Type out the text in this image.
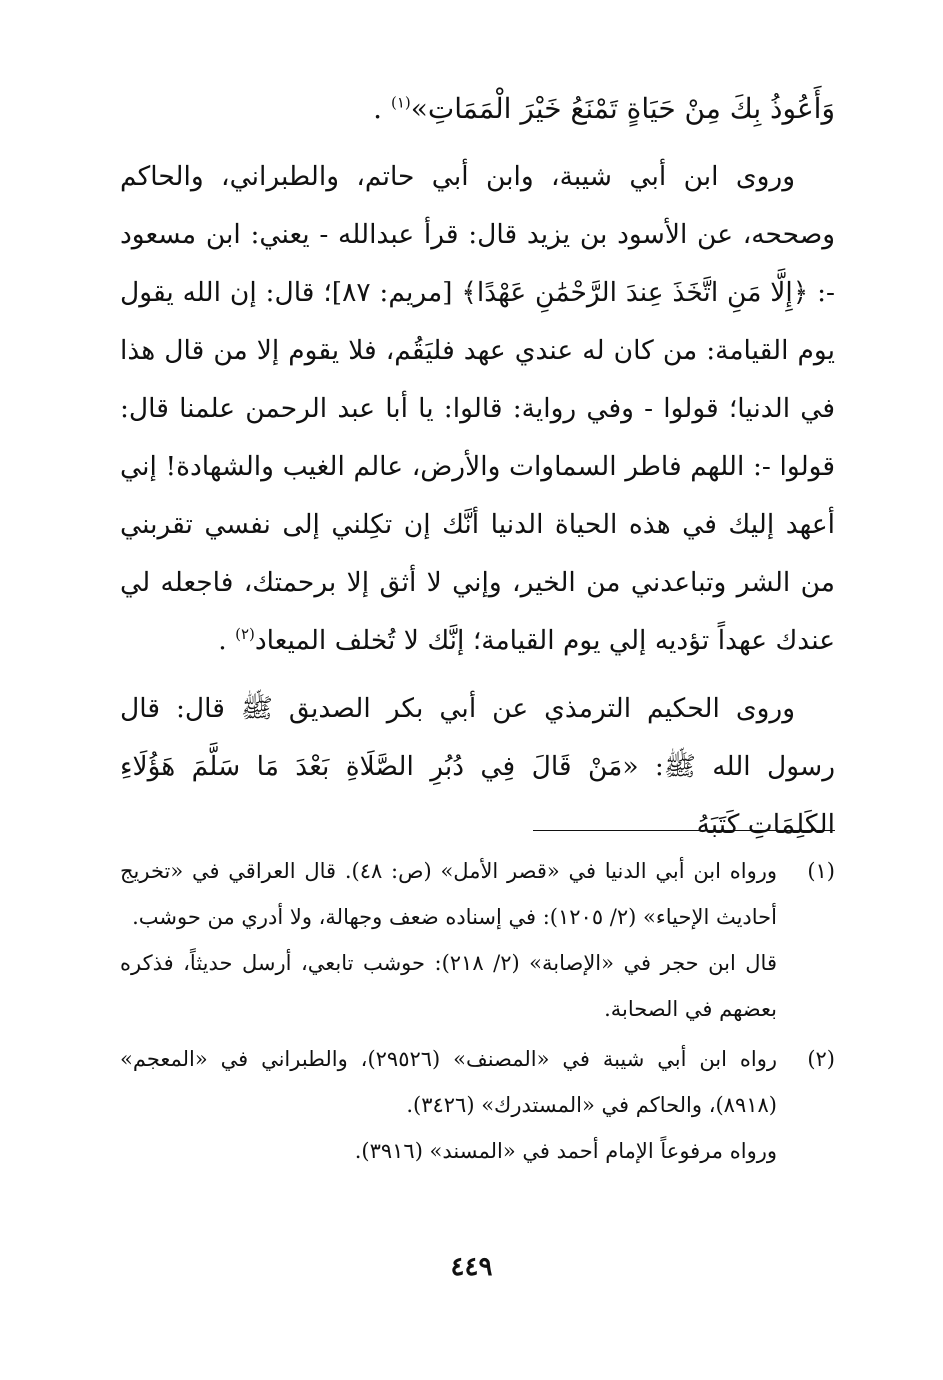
وَأَعُوذُ بِكَ مِنْ حَيَاةٍ تَمْنَعُ خَيْرَ الْمَمَاتِ»$^{(١)}$ .

وروى ابن أبي شيبة، وابن أبي حاتم، والطبراني، والحاكم وصححه، عن الأسود بن يزيد قال: قرأ عبدالله - يعني: ابن مسعود -: ﴿إِلَّا مَنِ اتَّخَذَ عِندَ الرَّحْمَٰنِ عَهْدًا﴾ [مريم: ٨٧]؛ قال: إن الله يقول يوم القيامة: من كان له عندي عهد فليَقُم، فلا يقوم إلا من قال هذا في الدنيا؛ قولوا - وفي رواية: قالوا: يا أبا عبد الرحمن علمنا قال: قولوا -: اللهم فاطر السماوات والأرض، عالم الغيب والشهادة! إني أعهد إليك في هذه الحياة الدنيا أنَّك إن تكِلني إلى نفسي تقربني من الشر وتباعدني من الخير، وإني لا أثق إلا برحمتك، فاجعله لي عندك عهداً تؤديه إلي يوم القيامة؛ إنَّك لا تُخلف الميعاد$^{(٢)}$ .

وروى الحكيم الترمذي عن أبي بكر الصديق ﷺ قال: قال رسول الله ﷺ: «مَنْ قَالَ فِي دُبُرِ الصَّلَاةِ بَعْدَ مَا سَلَّمَ هَؤُلَاءِ الكَلِمَاتِ كَتَبَهُ

(١)

ورواه ابن أبي الدنيا في «قصر الأمل» (ص: ٤٨). قال العراقي في «تخريج أحاديث الإحياء» (٢/ ١٢٠٥): في إسناده ضعف وجهالة، ولا أدري من حوشب.

قال ابن حجر في «الإصابة» (٢/ ٢١٨): حوشب تابعي، أرسل حديثاً، فذكره بعضهم في الصحابة.

(٢)

رواه ابن أبي شيبة في «المصنف» (٢٩٥٢٦)، والطبراني في «المعجم» (٨٩١٨)، والحاكم في «المستدرك» (٣٤٢٦).

ورواه مرفوعاً الإمام أحمد في «المسند» (٣٩١٦).

٤٤٩
